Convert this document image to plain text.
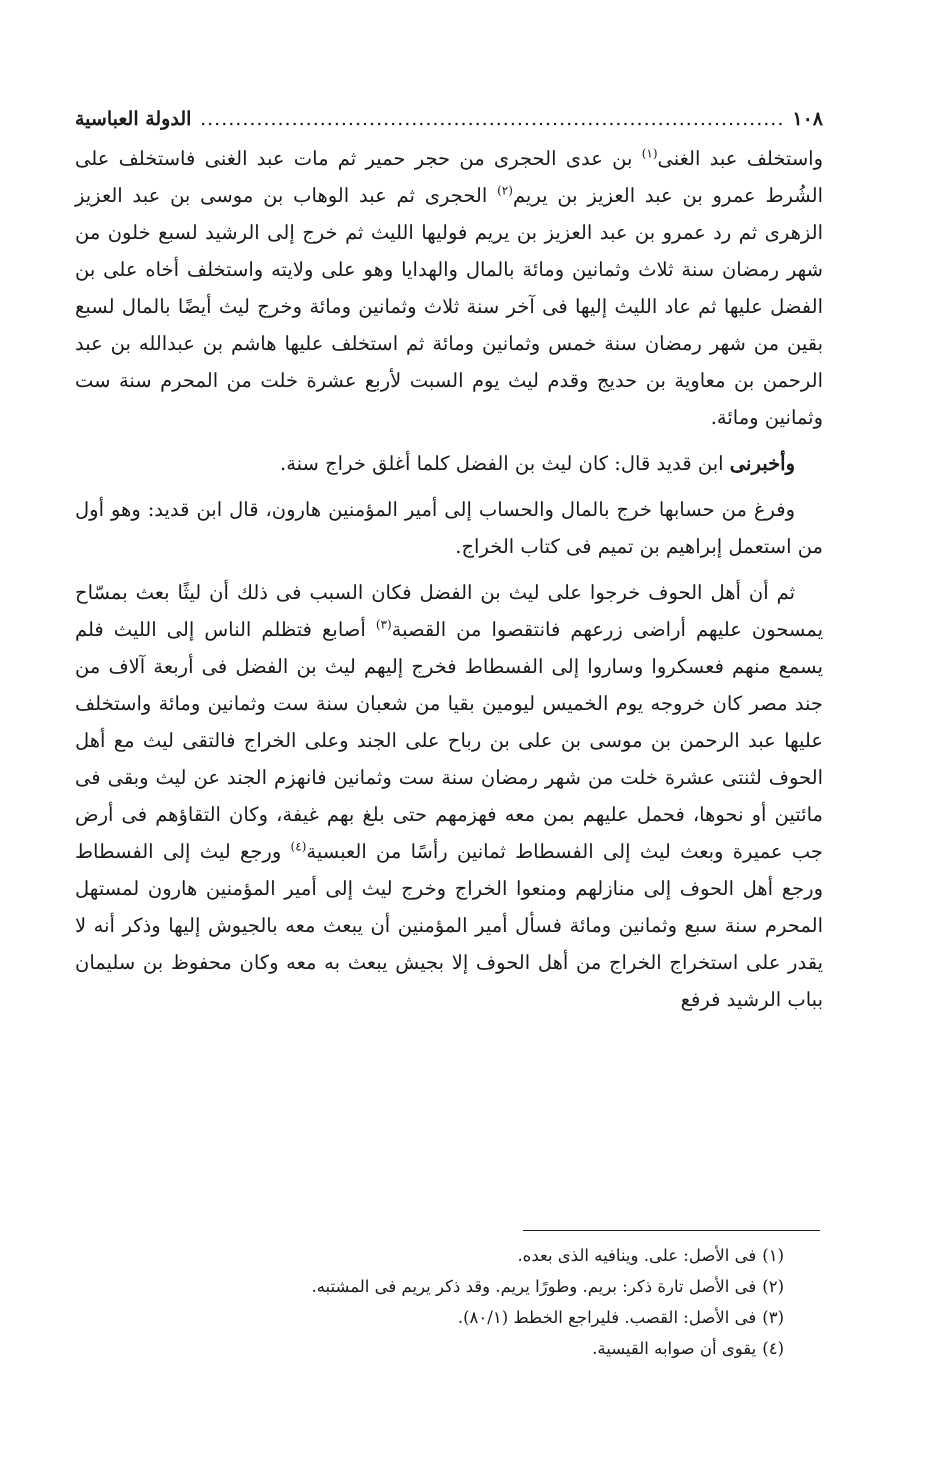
١٠٨
.....
الدولة العباسية

واستخلف عبد الغنى$^{(١)}$ بن عدى الحجرى من حجر حمير ثم مات عبد الغنى فاستخلف على الشُرط عمرو بن عبد العزيز بن يريم$^{(٢)}$ الحجرى ثم عبد الوهاب بن موسى بن عبد العزيز الزهرى ثم رد عمرو بن عبد العزيز بن يريم فوليها الليث ثم خرج إلى الرشيد لسبع خلون من شهر رمضان سنة ثلاث وثمانين ومائة بالمال والهدايا وهو على ولايته واستخلف أخاه على بن الفضل عليها ثم عاد الليث إليها فى آخر سنة ثلاث وثمانين ومائة وخرج ليث أيضًا بالمال لسبع بقين من شهر رمضان سنة خمس وثمانين ومائة ثم استخلف عليها هاشم بن عبدالله بن عبد الرحمن بن معاوية بن حديج وقدم ليث يوم السبت لأربع عشرة خلت من المحرم سنة ست وثمانين ومائة.

وأخبرنى ابن قديد قال: كان ليث بن الفضل كلما أغلق خراج سنة.

وفرغ من حسابها خرج بالمال والحساب إلى أمير المؤمنين هارون، قال ابن قديد: وهو أول من استعمل إبراهيم بن تميم فى كتاب الخراج.

ثم أن أهل الحوف خرجوا على ليث بن الفضل فكان السبب فى ذلك أن ليثًا بعث بمسّاح يمسحون عليهم أراضى زرعهم فانتقصوا من القصبة$^{(٣)}$ أصابع فتظلم الناس إلى الليث فلم يسمع منهم فعسكروا وساروا إلى الفسطاط فخرج إليهم ليث بن الفضل فى أربعة آلاف من جند مصر كان خروجه يوم الخميس ليومين بقيا من شعبان سنة ست وثمانين ومائة واستخلف عليها عبد الرحمن بن موسى بن على بن رباح على الجند وعلى الخراج فالتقى ليث مع أهل الحوف لثنتى عشرة خلت من شهر رمضان سنة ست وثمانين فانهزم الجند عن ليث وبقى فى مائتين أو نحوها، فحمل عليهم بمن معه فهزمهم حتى بلغ بهم غيفة، وكان التقاؤهم فى أرض جب عميرة وبعث ليث إلى الفسطاط ثمانين رأسًا من العبسية$^{(٤)}$ ورجع ليث إلى الفسطاط ورجع أهل الحوف إلى منازلهم ومنعوا الخراج وخرج ليث إلى أمير المؤمنين هارون لمستهل المحرم سنة سبع وثمانين ومائة فسأل أمير المؤمنين أن يبعث معه بالجيوش إليها وذكر أنه لا يقدر على استخراج الخراج من أهل الحوف إلا بجيش يبعث به معه وكان محفوظ بن سليمان بباب الرشيد فرفع

(١)فى الأصل: على. وينافيه الذى بعده.
(٢)فى الأصل تارة ذكر: بريم. وطورًا يريم. وقد ذكر يريم فى المشتبه.
(٣)فى الأصل: القصب. فليراجع الخطط (٨٠/١).
(٤)يقوى أن صوابه القيسية.
